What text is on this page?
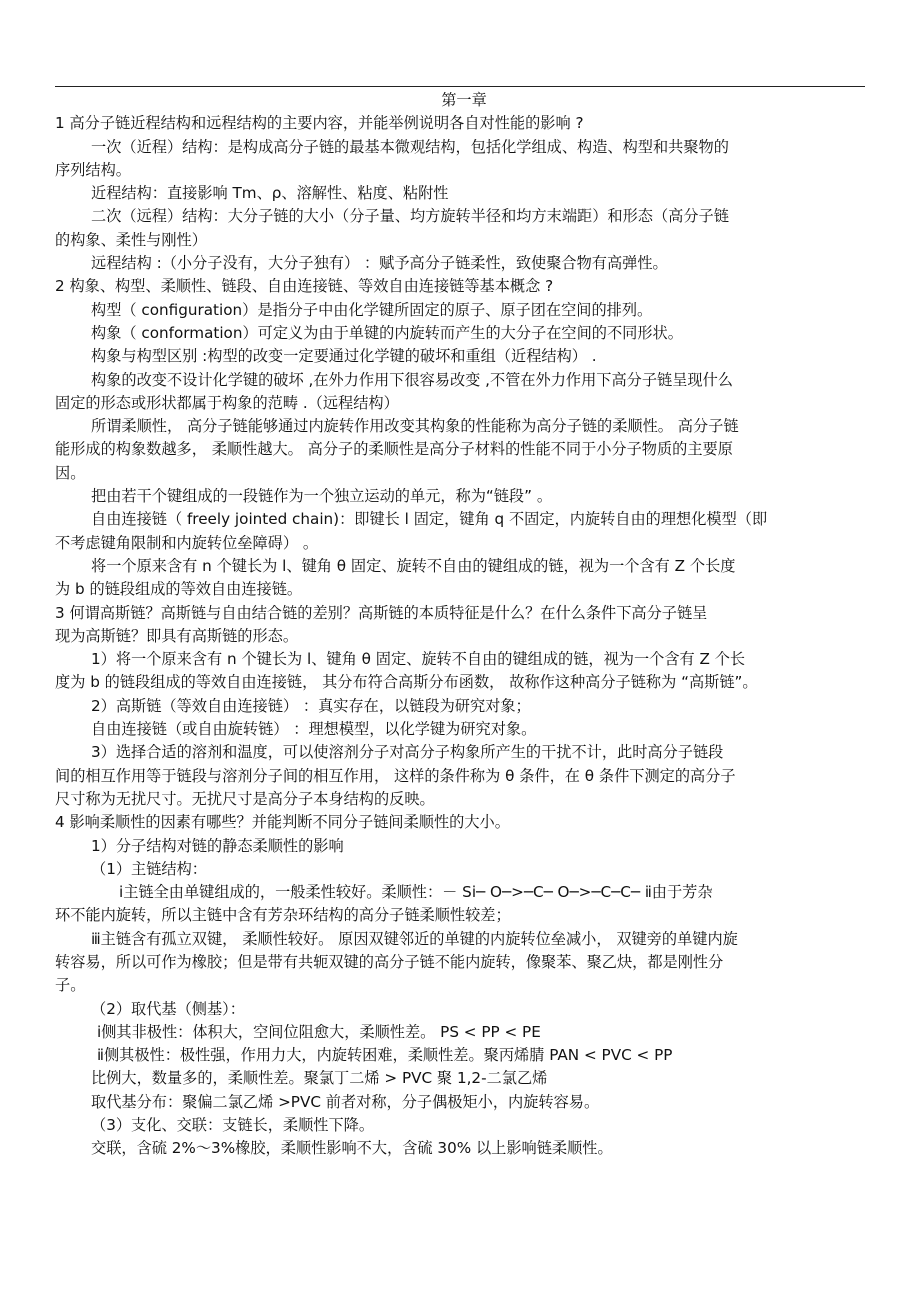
第一章

1 高分子链近程结构和远程结构的主要内容，并能举例说明各自对性能的影响 ?

一次（近程）结构：是构成高分子链的最基本微观结构，包括化学组成、构造、构型和共聚物的

序列结构。

近程结构：直接影响 Tm、ρ、溶解性、粘度、粘附性

二次（远程）结构：大分子链的大小（分子量、均方旋转半径和均方末端距）和形态（高分子链

的构象、柔性与刚性）

远程结构 :（小分子没有，大分子独有） ：赋予高分子链柔性，致使聚合物有高弹性。

2 构象、构型、柔顺性、链段、自由连接链、等效自由连接链等基本概念 ?

构型（ configuration）是指分子中由化学键所固定的原子、原子团在空间的排列。

构象（ conformation）可定义为由于单键的内旋转而产生的大分子在空间的不同形状。

构象与构型区别 :构型的改变一定要通过化学键的破坏和重组（近程结构） .

构象的改变不设计化学键的破坏 ,在外力作用下很容易改变 ,不管在外力作用下高分子链呈现什么

固定的形态或形状都属于构象的范畴 .（远程结构）

所谓柔顺性， 高分子链能够通过内旋转作用改变其构象的性能称为高分子链的柔顺性。 高分子链

能形成的构象数越多， 柔顺性越大。 高分子的柔顺性是高分子材料的性能不同于小分子物质的主要原

因。

把由若干个键组成的一段链作为一个独立运动的单元，称为“链段” 。

自由连接链（ freely jointed chain)：即键长 l 固定，键角 q 不固定，内旋转自由的理想化模型（即

不考虑键角限制和内旋转位垒障碍） 。

将一个原来含有 n 个键长为 l、键角 θ 固定、旋转不自由的键组成的链，视为一个含有 Z 个长度

为 b 的链段组成的等效自由连接链。

3 何谓高斯链？高斯链与自由结合链的差别？高斯链的本质特征是什么？在什么条件下高分子链呈

现为高斯链？即具有高斯链的形态。

1）将一个原来含有 n 个键长为 l、键角 θ 固定、旋转不自由的键组成的链，视为一个含有 Z 个长

度为 b 的链段组成的等效自由连接链， 其分布符合高斯分布函数， 故称作这种高分子链称为 “高斯链”。

2）高斯链（等效自由连接链） ：真实存在，以链段为研究对象；

自由连接链（或自由旋转链） ：理想模型，以化学键为研究对象。

3）选择合适的溶剂和温度，可以使溶剂分子对高分子构象所产生的干扰不计，此时高分子链段

间的相互作用等于链段与溶剂分子间的相互作用， 这样的条件称为 θ 条件，在 θ 条件下测定的高分子

尺寸称为无扰尺寸。无扰尺寸是高分子本身结构的反映。

4 影响柔顺性的因素有哪些？并能判断不同分子链间柔顺性的大小。

1）分子结构对链的静态柔顺性的影响

（1）主链结构：

ⅰ主链全由单键组成的，一般柔性较好。柔顺性：－ Si─ O─>─C─ O─>─C─C─ ⅱ由于芳杂

环不能内旋转，所以主链中含有芳杂环结构的高分子链柔顺性较差；

ⅲ主链含有孤立双键， 柔顺性较好。 原因双键邻近的单键的内旋转位垒减小， 双键旁的单键内旋

转容易，所以可作为橡胶；但是带有共轭双键的高分子链不能内旋转，像聚苯、聚乙炔，都是刚性分

子。

（2）取代基（侧基）：

ⅰ侧其非极性：体积大，空间位阻愈大，柔顺性差。 PS < PP < PE

ⅱ侧其极性：极性强，作用力大，内旋转困难，柔顺性差。聚丙烯腈 PAN < PVC < PP

比例大，数量多的，柔顺性差。聚氯丁二烯 > PVC 聚 1,2-二氯乙烯

取代基分布：聚偏二氯乙烯 >PVC 前者对称，分子偶极矩小，内旋转容易。

（3）支化、交联：支链长，柔顺性下降。

交联，含硫 2%～3%橡胶，柔顺性影响不大，含硫 30% 以上影响链柔顺性。
